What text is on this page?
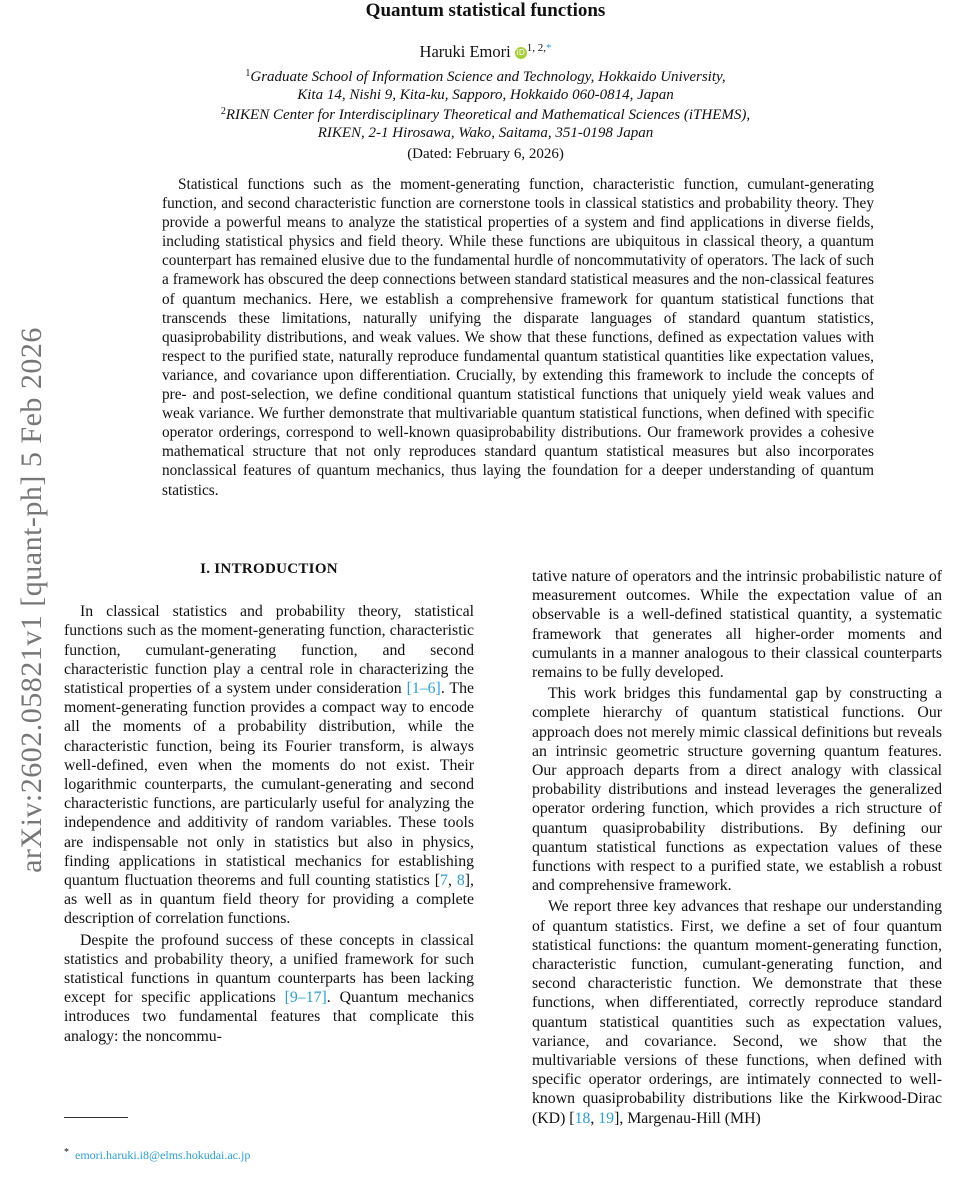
arXiv:2602.05821v1 [quant-ph] 5 Feb 2026
Quantum statistical functions
Haruki Emori iD $^{1, 2,*}$
$^1$Graduate School of Information Science and Technology, Hokkaido University,
Kita 14, Nishi 9, Kita-ku, Sapporo, Hokkaido 060-0814, Japan
$^2$RIKEN Center for Interdisciplinary Theoretical and Mathematical Sciences (iTHEMS),
RIKEN, 2-1 Hirosawa, Wako, Saitama, 351-0198 Japan
(Dated: February 6, 2026)
Statistical functions such as the moment-generating function, characteristic function, cumulant-generating function, and second characteristic function are cornerstone tools in classical statistics and probability theory. They provide a powerful means to analyze the statistical properties of a system and find applications in diverse fields, including statistical physics and field theory. While these functions are ubiquitous in classical theory, a quantum counterpart has remained elusive due to the fundamental hurdle of noncommutativity of operators. The lack of such a framework has obscured the deep connections between standard statistical measures and the non-classical features of quantum mechanics. Here, we establish a comprehensive framework for quantum statistical functions that transcends these limitations, naturally unifying the disparate languages of standard quantum statistics, quasiprobability distributions, and weak values. We show that these functions, defined as expectation values with respect to the purified state, naturally reproduce fundamental quantum statistical quantities like expectation values, variance, and covariance upon differentiation. Crucially, by extending this framework to include the concepts of pre- and post-selection, we define conditional quantum statistical functions that uniquely yield weak values and weak variance. We further demonstrate that multivariable quantum statistical functions, when defined with specific operator orderings, correspond to well-known quasiprobability distributions. Our framework provides a cohesive mathematical structure that not only reproduces standard quantum statistical measures but also incorporates nonclassical features of quantum mechanics, thus laying the foundation for a deeper understanding of quantum statistics.
I. INTRODUCTION

In classical statistics and probability theory, statistical functions such as the moment-generating function, characteristic function, cumulant-generating function, and second characteristic function play a central role in characterizing the statistical properties of a system under consideration [1–6]. The moment-generating function provides a compact way to encode all the moments of a probability distribution, while the characteristic function, being its Fourier transform, is always well-defined, even when the moments do not exist. Their logarithmic counterparts, the cumulant-generating and second characteristic functions, are particularly useful for analyzing the independence and additivity of random variables. These tools are indispensable not only in statistics but also in physics, finding applications in statistical mechanics for establishing quantum fluctuation theorems and full counting statistics [7, 8], as well as in quantum field theory for providing a complete description of correlation functions.

Despite the profound success of these concepts in classical statistics and probability theory, a unified framework for such statistical functions in quantum counterparts has been lacking except for specific applications [9–17]. Quantum mechanics introduces two fundamental features that complicate this analogy: the noncommu-

tative nature of operators and the intrinsic probabilistic nature of measurement outcomes. While the expectation value of an observable is a well-defined statistical quantity, a systematic framework that generates all higher-order moments and cumulants in a manner analogous to their classical counterparts remains to be fully developed.

This work bridges this fundamental gap by constructing a complete hierarchy of quantum statistical functions. Our approach does not merely mimic classical definitions but reveals an intrinsic geometric structure governing quantum features. Our approach departs from a direct analogy with classical probability distributions and instead leverages the generalized operator ordering function, which provides a rich structure of quantum quasiprobability distributions. By defining our quantum statistical functions as expectation values of these functions with respect to a purified state, we establish a robust and comprehensive framework.

We report three key advances that reshape our understanding of quantum statistics. First, we define a set of four quantum statistical functions: the quantum moment-generating function, characteristic function, cumulant-generating function, and second characteristic function. We demonstrate that these functions, when differentiated, correctly reproduce standard quantum statistical quantities such as expectation values, variance, and covariance. Second, we show that the multivariable versions of these functions, when defined with specific operator orderings, are intimately connected to well-known quasiprobability distributions like the Kirkwood-Dirac (KD) [18, 19], Margenau-Hill (MH)

* emori.haruki.i8@elms.hokudai.ac.jp
